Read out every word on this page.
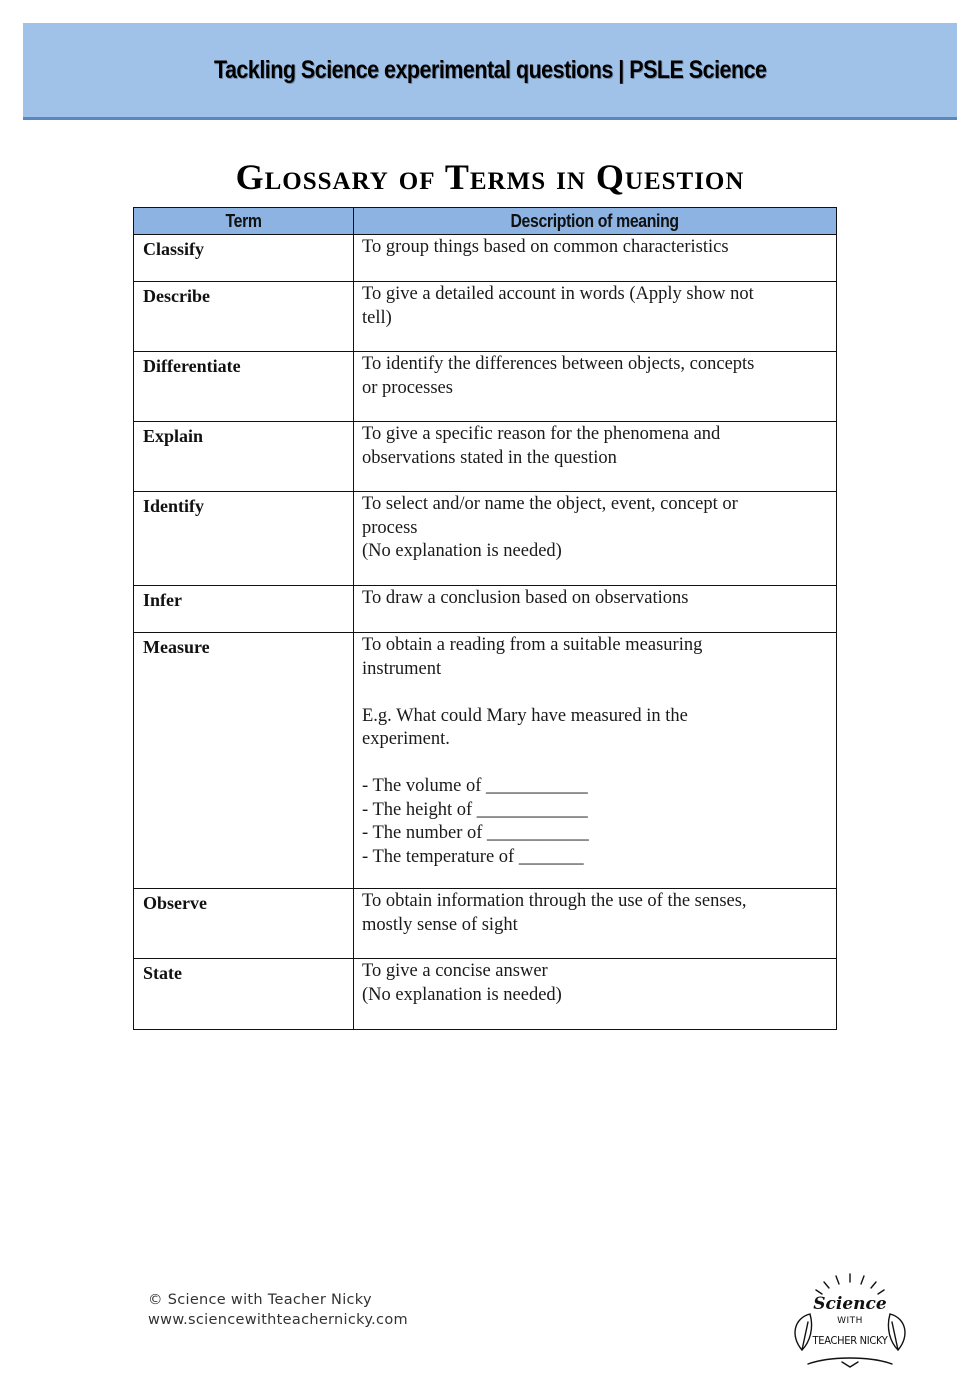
Tackling Science experimental questions | PSLE Science
Glossary of Terms in Question
Term	Description of meaning
Classify	To group things based on common characteristics

Describe	To give a detailed account in words (Apply show not
tell)

Differentiate	To identify the differences between objects, concepts
or processes

Explain	To give a specific reason for the phenomena and
observations stated in the question

Identify	To select and/or name the object, event, concept or
process
(No explanation is needed)

Infer	To draw a conclusion based on observations

Measure	To obtain a reading from a suitable measuring
instrument
E.g. What could Mary have measured in the
experiment.
- The volume of ___________
- The height of ____________
- The number of ___________
- The temperature of _______

Observe	To obtain information through the use of the senses,
mostly sense of sight

State	To give a concise answer
(No explanation is needed)
© Science with Teacher Nicky
www.sciencewithteachernicky.com
Science
WITH
TEACHER NICKY
